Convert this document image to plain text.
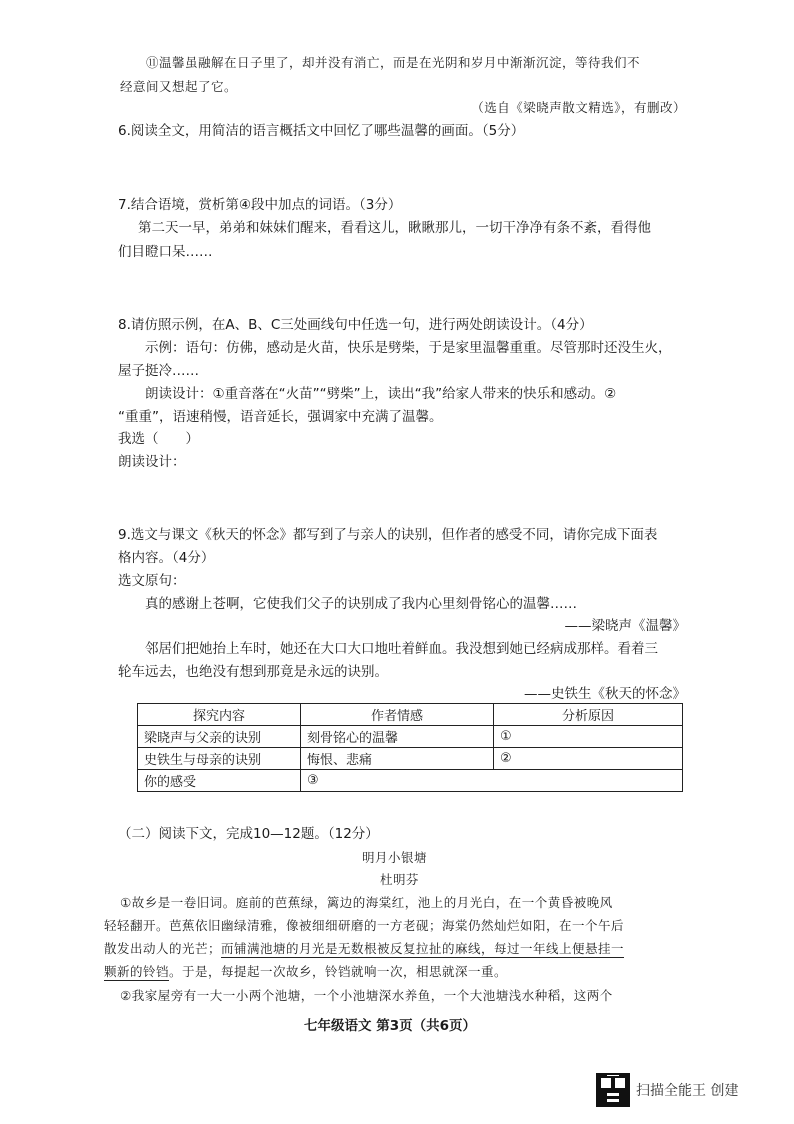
⑪温馨虽融解在日子里了，却并没有消亡，而是在光阴和岁月中渐渐沉淀，等待我们不
经意间又想起了它。
（选自《梁晓声散文精选》，有删改）
6.阅读全文，用简洁的语言概括文中回忆了哪些温馨的画面。（5分）
7.结合语境，赏析第④段中加点的词语。（3分）
第二天一早，弟弟和妹妹们醒来，看看这儿，瞅瞅那儿，一切干净净有条不紊，看得他
们目瞪口呆……
8.请仿照示例，在A、B、C三处画线句中任选一句，进行两处朗读设计。（4分）
示例：语句：仿佛，感动是火苗，快乐是劈柴，于是家里温馨重重。尽管那时还没生火，
屋子挺冷……
朗读设计：①重音落在“火苗”“劈柴”上，读出“我”给家人带来的快乐和感动。②
“重重”，语速稍慢，语音延长，强调家中充满了温馨。
我选（　　）
朗读设计：
9.选文与课文《秋天的怀念》都写到了与亲人的诀别，但作者的感受不同，请你完成下面表
格内容。（4分）
选文原句：
真的感谢上苍啊，它使我们父子的诀别成了我内心里刻骨铭心的温馨……
——梁晓声《温馨》
邻居们把她抬上车时，她还在大口大口地吐着鲜血。我没想到她已经病成那样。看着三
轮车远去，也绝没有想到那竟是永远的诀别。
——史铁生《秋天的怀念》
探究内容	作者情感	分析原因
梁晓声与父亲的诀别	刻骨铭心的温馨	①
史铁生与母亲的诀别	悔恨、悲痛	②
你的感受	③	
（二）阅读下文，完成10—12题。（12分）
明月小银塘
杜明芬
①故乡是一卷旧词。庭前的芭蕉绿，篱边的海棠红，池上的月光白，在一个黄昏被晚风
轻轻翻开。芭蕉依旧幽绿清雅，像被细细研磨的一方老砚；海棠仍然灿烂如阳，在一个午后
散发出动人的光芒；而铺满池塘的月光是无数根被反复拉扯的麻线，每过一年线上便悬挂一
颗新的铃铛。于是，每提起一次故乡，铃铛就响一次，相思就深一重。
②我家屋旁有一大一小两个池塘，一个小池塘深水养鱼，一个大池塘浅水种稻，这两个
七年级语文 第3页（共6页）
扫描全能王 创建
